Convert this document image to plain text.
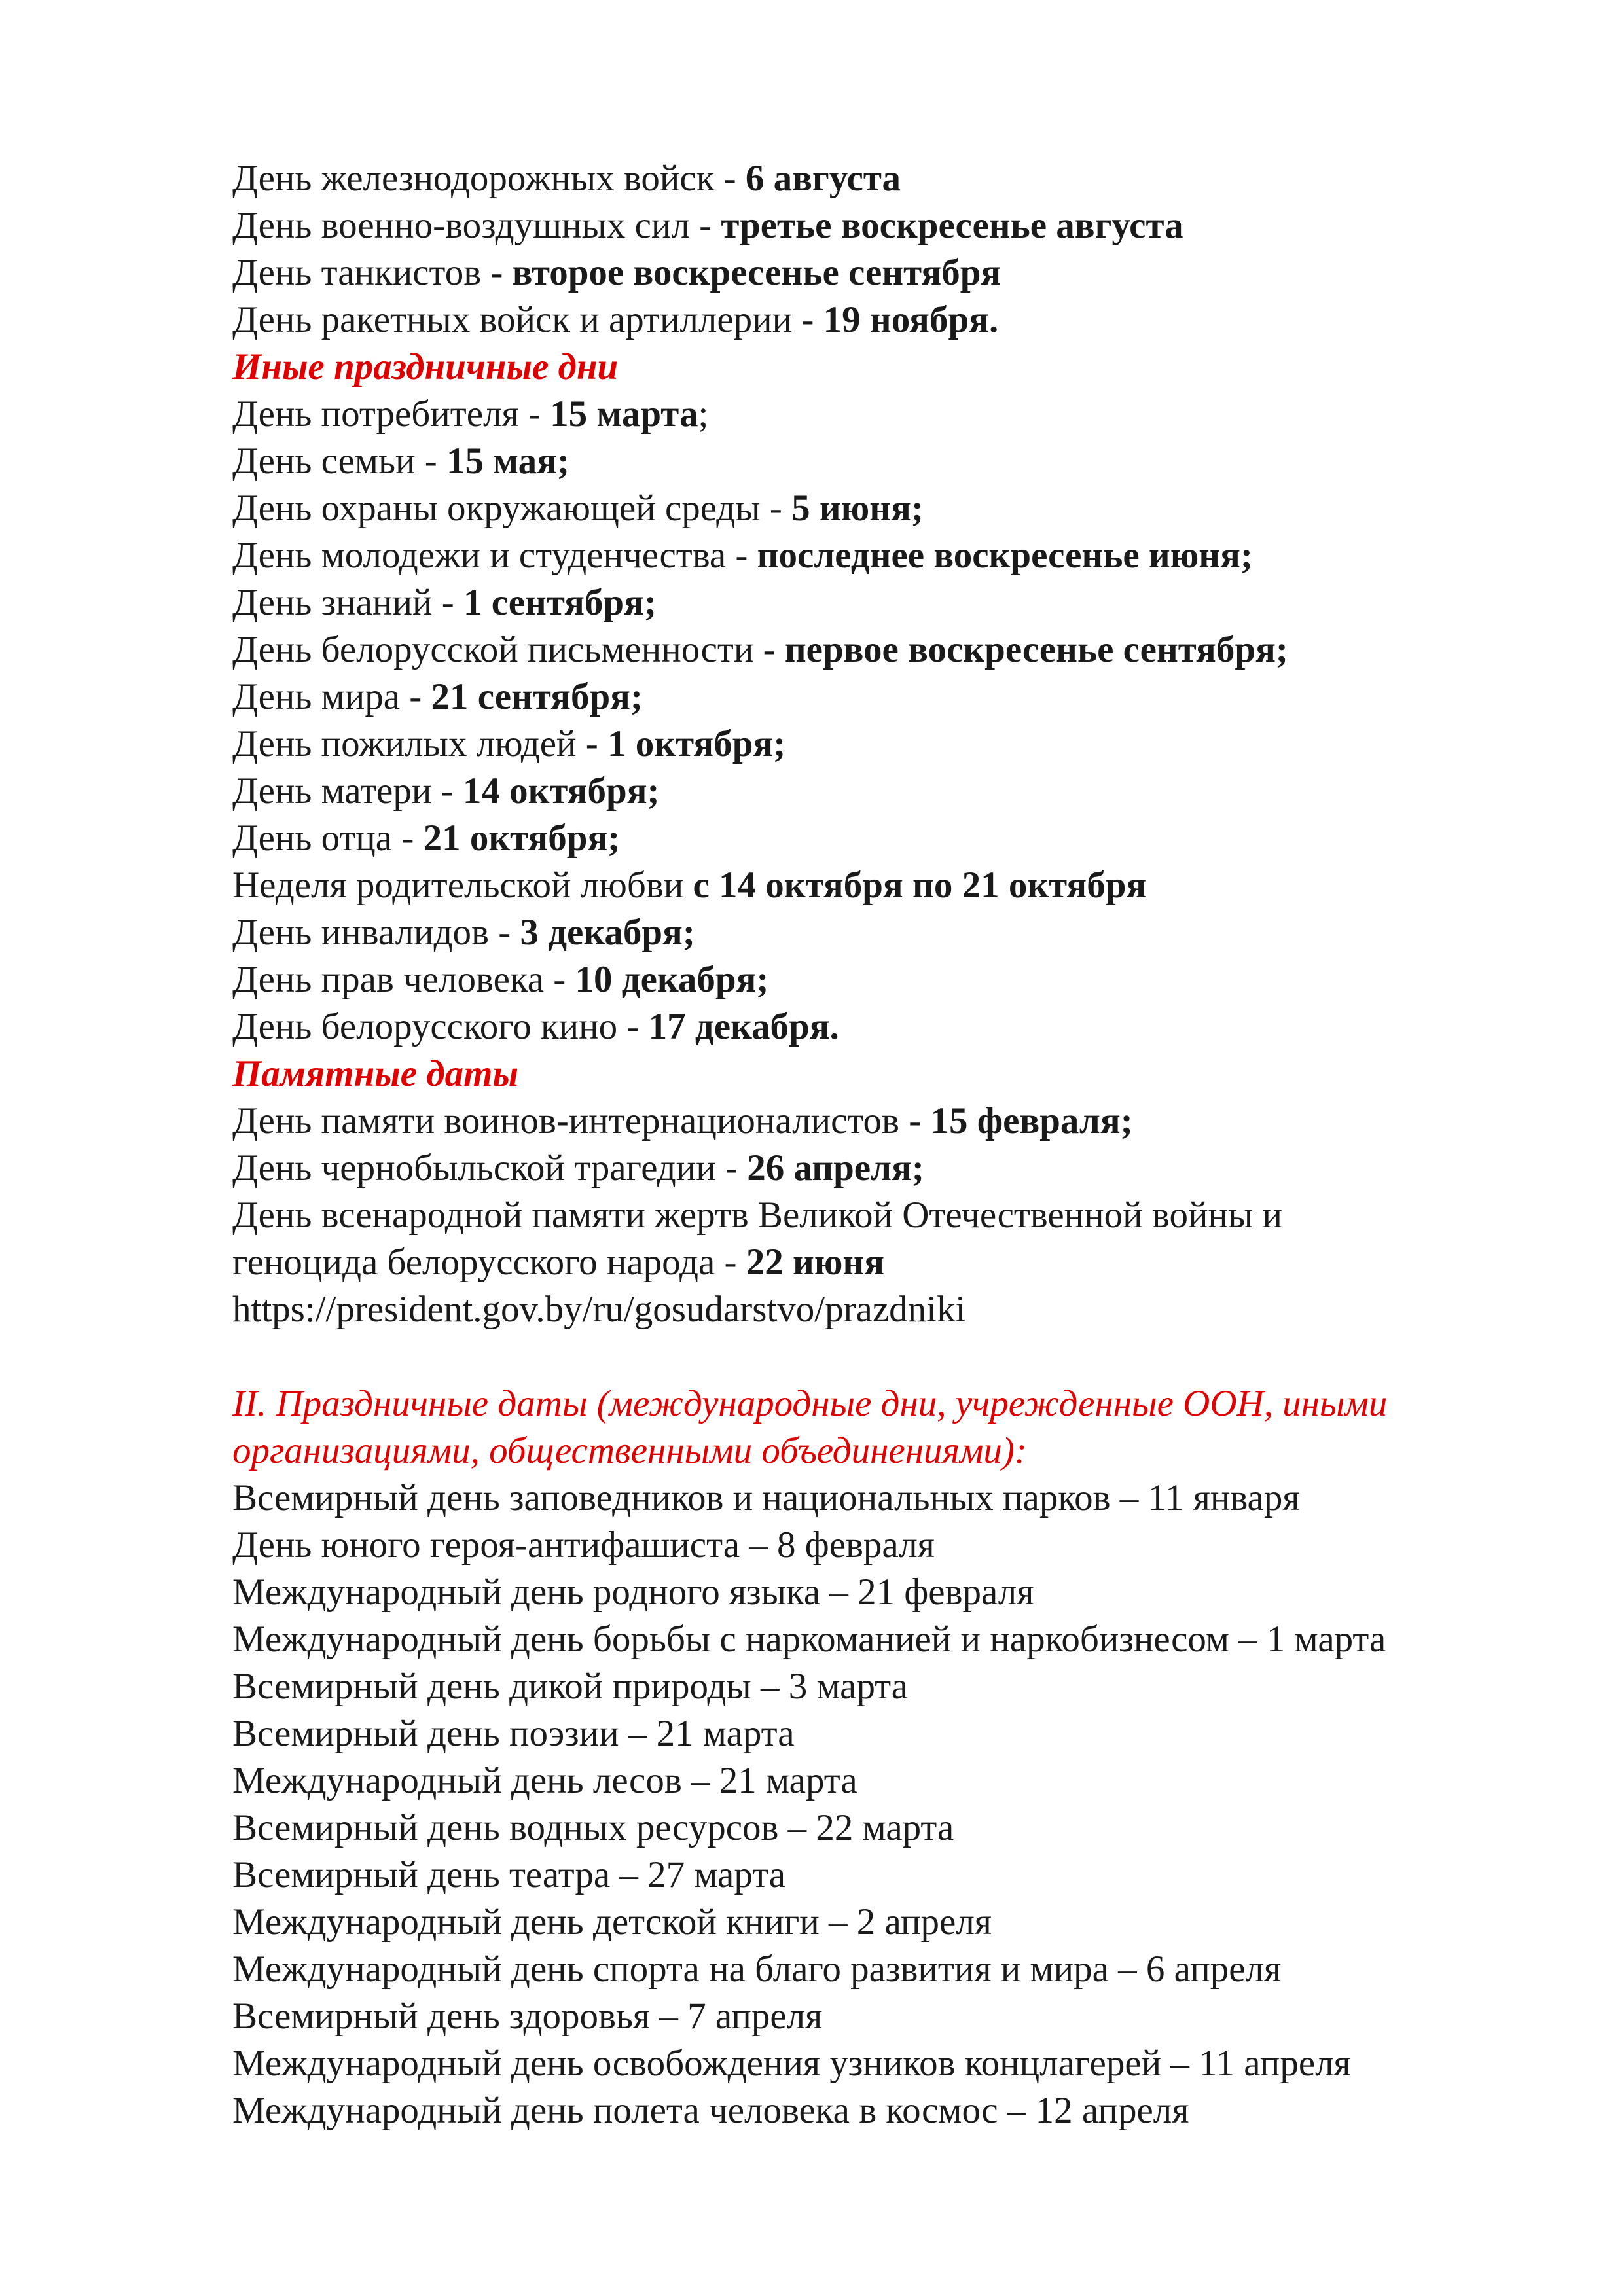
День железнодорожных войск - 6 августа

День военно-воздушных сил - третье воскресенье августа

День танкистов - второе воскресенье сентября

День ракетных войск и артиллерии - 19 ноября.

Иные праздничные дни

День потребителя - 15 марта;

День семьи - 15 мая;

День охраны окружающей среды - 5 июня;

День молодежи и студенчества - последнее воскресенье июня;

День знаний - 1 сентября;

День белорусской письменности - первое воскресенье сентября;

День мира - 21 сентября;

День пожилых людей - 1 октября;

День матери - 14 октября;

День отца - 21 октября;

Неделя родительской любви с 14 октября по 21 октября

День инвалидов - 3 декабря;

День прав человека - 10 декабря;

День белорусского кино - 17 декабря.

Памятные даты

День памяти воинов-интернационалистов - 15 февраля;

День чернобыльской трагедии - 26 апреля;

День всенародной памяти жертв Великой Отечественной войны и

геноцида белорусского народа - 22 июня

https://president.gov.by/ru/gosudarstvo/prazdniki

II. Праздничные даты (международные дни, учрежденные ООН, иными

организациями, общественными объединениями):

Всемирный день заповедников и национальных парков – 11 января

День юного героя-антифашиста – 8 февраля

Международный день родного языка – 21 февраля

Международный день борьбы с наркоманией и наркобизнесом – 1 марта

Всемирный день дикой природы – 3 марта

Всемирный день поэзии – 21 марта

Международный день лесов – 21 марта

Всемирный день водных ресурсов – 22 марта

Всемирный день театра – 27 марта

Международный день детской книги – 2 апреля

Международный день спорта на благо развития и мира – 6 апреля

Всемирный день здоровья – 7 апреля

Международный день освобождения узников концлагерей – 11 апреля

Международный день полета человека в космос – 12 апреля
